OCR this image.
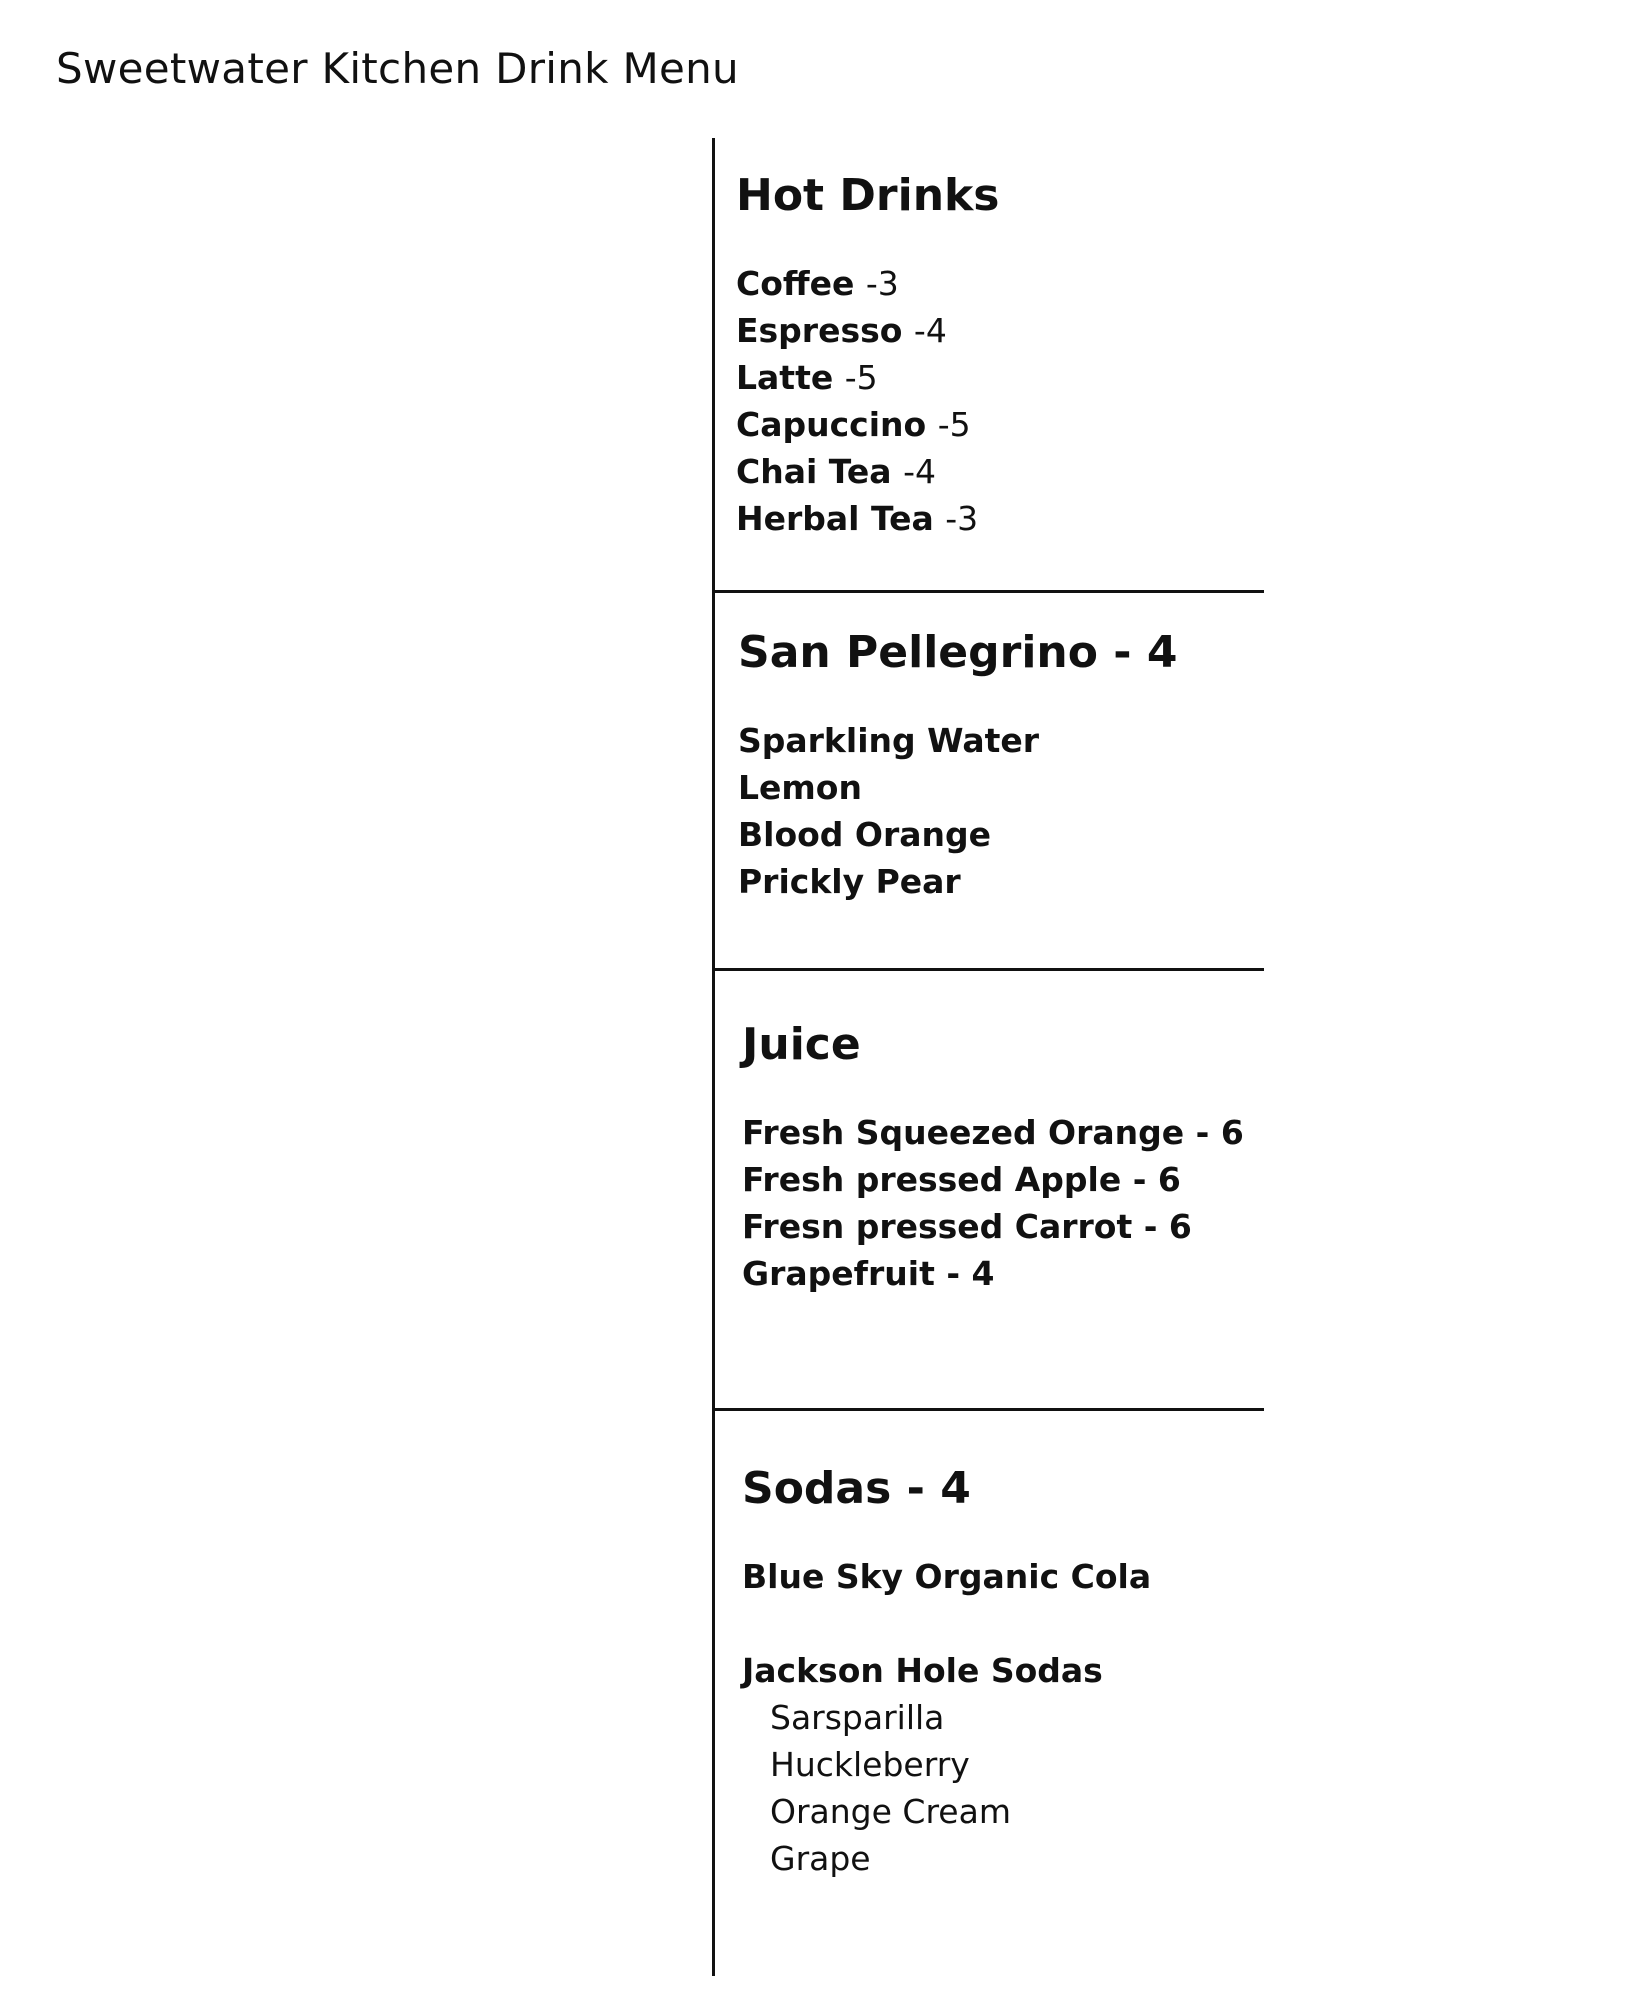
Sweetwater Kitchen Drink Menu
Hot Drinks
Coffee -3
Espresso -4
Latte -5
Capuccino -5
Chai Tea -4
Herbal Tea -3
San Pellegrino - 4
Sparkling Water
Lemon
Blood Orange
Prickly Pear
Juice
Fresh Squeezed Orange - 6
Fresh pressed Apple - 6
Fresn pressed Carrot - 6
Grapefruit - 4
Sodas - 4
Blue Sky Organic Cola
Jackson Hole Sodas
Sarsparilla
Huckleberry
Orange Cream
Grape
